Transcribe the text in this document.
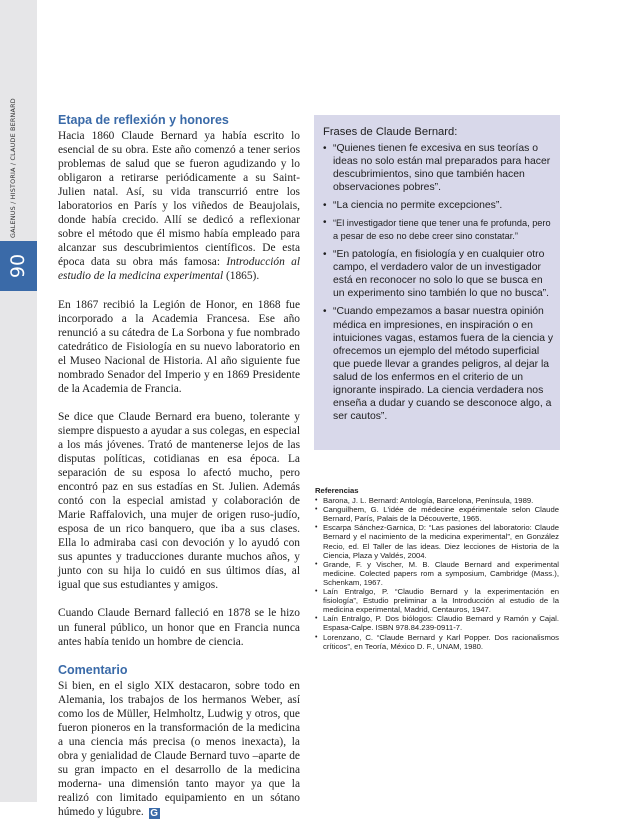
90
GALENUS / HISTORIA / CLAUDE BERNARD	Etapa de reflexión y honores

Hacia 1860 Claude Bernard ya había escrito lo esencial de su obra. Este año comenzó a tener serios problemas de salud que se fueron agudizando y lo obligaron a retirarse periódicamente a su Saint-Julien natal. Así, su vida transcurrió entre los laboratorios en París y los viñedos de Beaujolais, donde había crecido. Allí se dedicó a reflexionar sobre el método que él mismo había empleado para alcanzar sus descubrimientos científicos. De esta época data su obra más famosa: Introducción al estudio de la medicina experimental (1865).

En 1867 recibió la Legión de Honor, en 1868 fue incorporado a la Academia Francesa. Ese año renunció a su cátedra de La Sorbona y fue nombrado catedrático de Fisiología en su nuevo laboratorio en el Museo Nacional de Historia. Al año siguiente fue nombrado Senador del Imperio y en 1869 Presidente de la Academia de Francia.

Se dice que Claude Bernard era bueno, tolerante y siempre dispuesto a ayudar a sus colegas, en especial a los más jóvenes. Trató de mantenerse lejos de las disputas políticas, cotidianas en esa época. La separación de su esposa lo afectó mucho, pero encontró paz en sus estadías en St. Julien. Además contó con la especial amistad y colaboración de Marie Raffalovich, una mujer de origen ruso-judío, esposa de un rico banquero, que iba a sus clases. Ella lo admiraba casi con devoción y lo ayudó con sus apuntes y traducciones durante muchos años, y junto con su hija lo cuidó en sus últimos días, al igual que sus estudiantes y amigos.

Cuando Claude Bernard falleció en 1878 se le hizo un funeral público, un honor que en Francia nunca antes había tenido un hombre de ciencia.

Comentario

Si bien, en el siglo XIX destacaron, sobre todo en Alemania, los trabajos de los hermanos Weber, así como los de Müller, Helmholtz, Ludwig y otros, que fueron pioneros en la transformación de la medicina a una ciencia más precisa (o menos inexacta), la obra y genialidad de Claude Bernard tuvo –aparte de su gran impacto en el desarrollo de la medicina moderna- una dimensión tanto mayor ya que la realizó con limitado equipamiento en un sótano húmedo y lúgubre. G

Frases de Claude Bernard:
• “Quienes tienen fe excesiva en sus teorías o ideas no solo están mal preparados para hacer descubrimientos, sino que también hacen observaciones pobres”.
• “La ciencia no permite excepciones”.
• “El investigador tiene que tener una fe profunda, pero a pesar de eso no debe creer sino constatar.”
• “En patología, en fisiología y en cualquier otro campo, el verdadero valor de un investigador está en reconocer no solo lo que se busca en un experimento sino también lo que no busca”.
• “Cuando empezamos a basar nuestra opinión médica en impresiones, en inspiración o en intuiciones vagas, estamos fuera de la ciencia y ofrecemos un ejemplo del método superficial que puede llevar a grandes peligros, al dejar la salud de los enfermos en el criterio de un ignorante inspirado. La ciencia verdadera nos enseña a dudar y cuando se desconoce algo, a ser cautos”.
Referencias
• Barona, J. L. Bernard: Antología, Barcelona, Península, 1989.
• Canguilhem, G. L'idée de médecine expérimentale selon Claude Bernard, París, Palais de la Découverte, 1965.
• Escarpa Sánchez-Garnica, D: “Las pasiones del laboratorio: Claude Bernard y el nacimiento de la medicina experimental”, en González Recio, ed. El Taller de las ideas. Diez lecciones de Historia de la Ciencia, Plaza y Valdés, 2004.
• Grande, F. y Vischer, M. B. Claude Bernard and experimental medicine. Colected papers rom a symposium, Cambridge (Mass.), Schenkam, 1967.
• Laín Entralgo, P. “Claudio Bernard y la experimentación en fisiología”, Estudio preliminar a la Introducción al estudio de la medicina experimental, Madrid, Centauros, 1947.
• Laín Entralgo, P. Dos biólogos: Claudio Bernard y Ramón y Cajal. Espasa-Calpe. ISBN 978.84.239-0911-7.
• Lorenzano, C. “Claude Bernard y Karl Popper. Dos racionalismos críticos”, en Teoría, México D. F., UNAM, 1980.
